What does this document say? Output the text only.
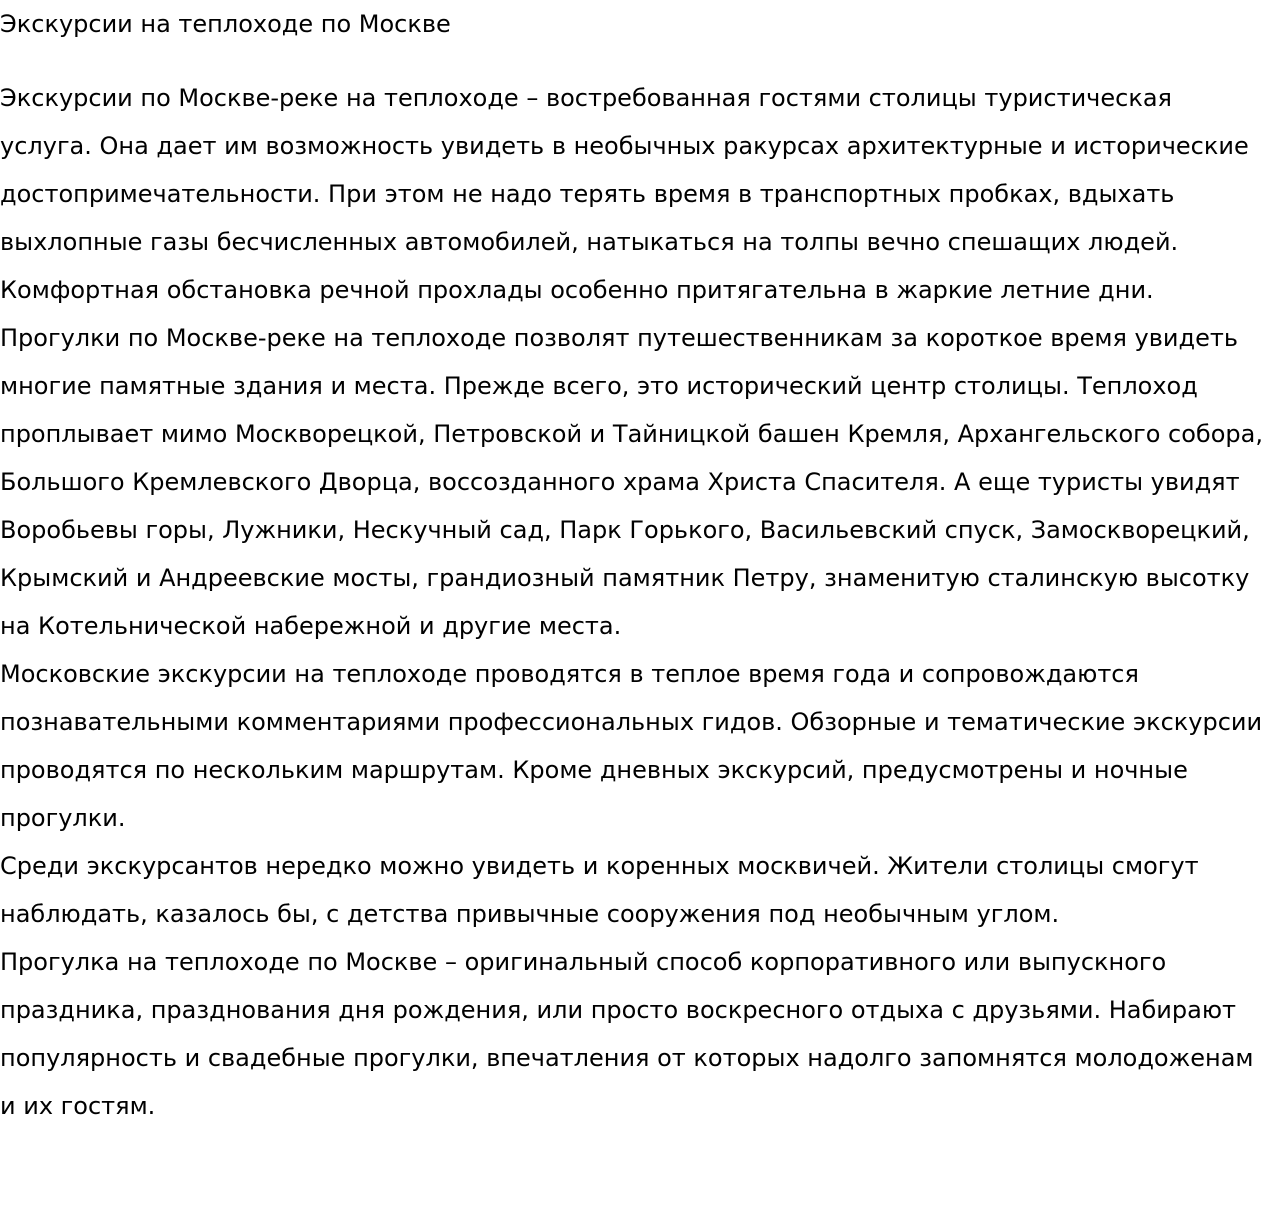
Экскурсии на теплоходе по Москве

Экскурсии по Москве-реке на теплоходе – востребованная гостями столицы туристическая услуга. Она дает им возможность увидеть в необычных ракурсах архитектурные и исторические достопримечательности. При этом не надо терять время в транспортных пробках, вдыхать выхлопные газы бесчисленных автомобилей, натыкаться на толпы вечно спешащих людей. Комфортная обстановка речной прохлады особенно притягательна в жаркие летние дни.

Прогулки по Москве-реке на теплоходе позволят путешественникам за короткое время увидеть многие памятные здания и места. Прежде всего, это исторический центр столицы. Теплоход проплывает мимо Москворецкой, Петровской и Тайницкой башен Кремля, Архангельского собора, Большого Кремлевского Дворца, воссозданного храма Христа Спасителя. А еще туристы увидят Воробьевы горы, Лужники, Нескучный сад, Парк Горького, Васильевский спуск, Замоскворецкий, Крымский и Андреевские мосты, грандиозный памятник Петру, знаменитую сталинскую высотку на Котельнической набережной и другие места.

Московские экскурсии на теплоходе проводятся в теплое время года и сопровождаются познавательными комментариями профессиональных гидов. Обзорные и тематические экскурсии проводятся по нескольким маршрутам. Кроме дневных экскурсий, предусмотрены и ночные прогулки.

Среди экскурсантов нередко можно увидеть и коренных москвичей. Жители столицы смогут наблюдать, казалось бы, с детства привычные сооружения под необычным углом.

Прогулка на теплоходе по Москве – оригинальный способ корпоративного или выпускного праздника, празднования дня рождения, или просто воскресного отдыха с друзьями. Набирают популярность и свадебные прогулки, впечатления от которых надолго запомнятся молодоженам и их гостям.
